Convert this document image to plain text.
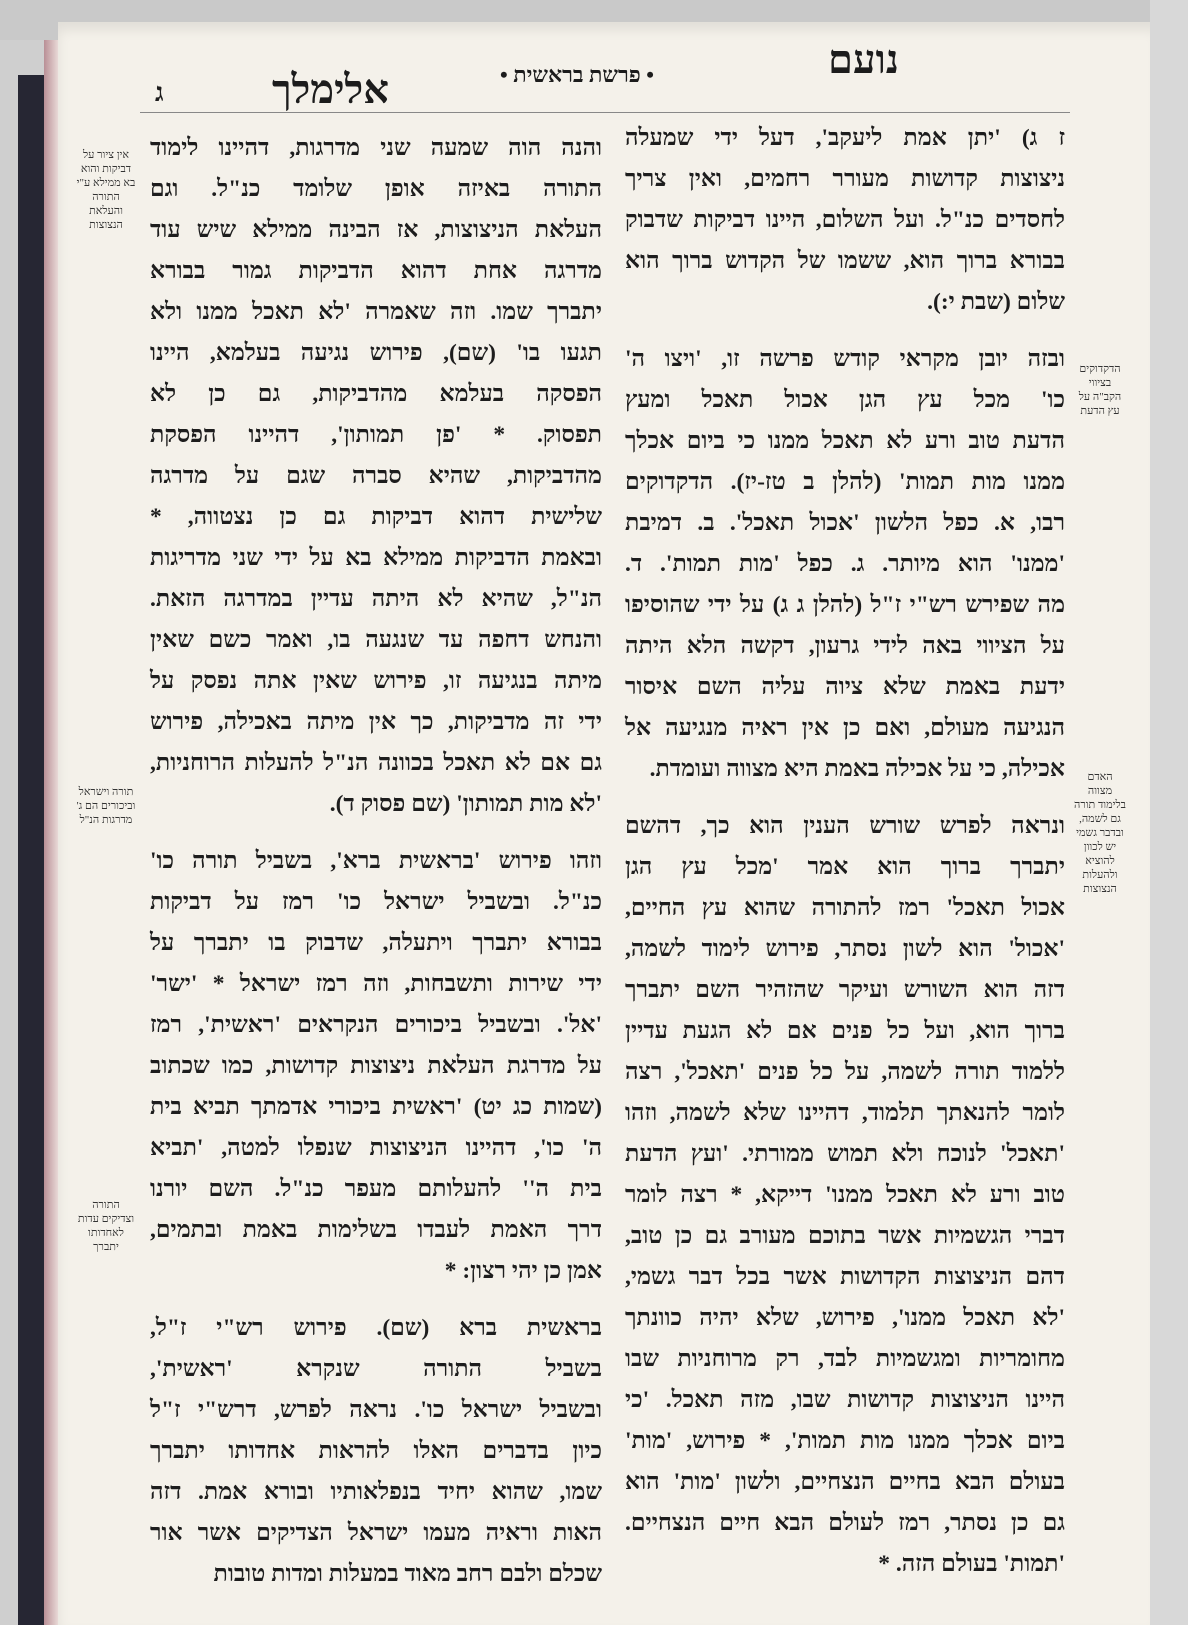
נועם
• פרשת בראשית •
אלימלך
ג
ז ג) 'יתן אמת ליעקב', דעל ידי שמעלה
ניצוצות קדושות מעורר רחמים, ואין צריך
לחסדים כנ"ל. ועל השלום, היינו דביקות שדבוק
בבורא ברוך הוא, ששמו של הקדוש ברוך הוא
שלום (שבת י:).
ובזה יובן מקראי קודש פרשה זו, 'ויצו ה'
כו' מכל עץ הגן אכול תאכל ומעץ
הדעת טוב ורע לא תאכל ממנו כי ביום אכלך
ממנו מות תמות' (להלן ב טז-יז). הדקדוקים
רבו, א. כפל הלשון 'אכול תאכל'. ב. דמיבת
'ממנו' הוא מיותר. ג. כפל 'מות תמות'. ד.
מה שפירש רש"י ז"ל (להלן ג ג) על ידי שהוסיפו
על הציווי באה לידי גרעון, דקשה הלא היתה
ידעת באמת שלא ציוה עליה השם איסור
הנגיעה מעולם, ואם כן אין ראיה מנגיעה אל
אכילה, כי על אכילה באמת היא מצווה ועומדת.
ונראה לפרש שורש הענין הוא כך, דהשם
יתברך ברוך הוא אמר 'מכל עץ הגן
אכול תאכל' רמז להתורה שהוא עץ החיים,
'אכול' הוא לשון נסתר, פירוש לימוד לשמה,
דזה הוא השורש ועיקר שהזהיר השם יתברך
ברוך הוא, ועל כל פנים אם לא הגעת עדיין
ללמוד תורה לשמה, על כל פנים 'תאכל', רצה
לומר להנאתך תלמוד, דהיינו שלא לשמה, וזהו
'תאכל' לנוכח ולא תמוש ממורתי. 'ועץ הדעת
טוב ורע לא תאכל ממנו' דייקא, * רצה לומר
דברי הגשמיות אשר בתוכם מעורב גם כן טוב,
דהם הניצוצות הקדושות אשר בכל דבר גשמי,
'לא תאכל ממנו', פירוש, שלא יהיה כוונתך
מחומריות ומגשמיות לבד, רק מרוחניות שבו
היינו הניצוצות קדושות שבו, מזה תאכל. 'כי
ביום אכלך ממנו מות תמות', * פירוש, 'מות'
בעולם הבא בחיים הנצחיים, ולשון 'מות' הוא
גם כן נסתר, רמז לעולם הבא חיים הנצחיים.
'תמות' בעולם הזה. *
והנה הוה שמעה שני מדרגות, דהיינו לימוד
התורה באיזה אופן שלומד כנ"ל. וגם
העלאת הניצוצות, אז הבינה ממילא שיש עוד
מדרגה אחת דהוא הדביקות גמור בבורא
יתברך שמו. וזה שאמרה 'לא תאכל ממנו ולא
תגעו בו' (שם), פירוש נגיעה בעלמא, היינו
הפסקה בעלמא מהדביקות, גם כן לא
תפסוק. * 'פן תמותון', דהיינו הפסקת
מהדביקות, שהיא סברה שגם על מדרגה
שלישית דהוא דביקות גם כן נצטווה, *
ובאמת הדביקות ממילא בא על ידי שני מדריגות
הנ"ל, שהיא לא היתה עדיין במדרגה הזאת.
והנחש דחפה עד שנגעה בו, ואמר כשם שאין
מיתה בנגיעה זו, פירוש שאין אתה נפסק על
ידי זה מדביקות, כך אין מיתה באכילה, פירוש
גם אם לא תאכל בכוונה הנ"ל להעלות הרוחניות,
'לא מות תמותון' (שם פסוק ד).
וזהו פירוש 'בראשית ברא', בשביל תורה כו'
כנ"ל. ובשביל ישראל כו' רמז על דביקות
בבורא יתברך ויתעלה, שדבוק בו יתברך על
ידי שירות ותשבחות, וזה רמז ישראל * 'ישר'
'אל'. ובשביל ביכורים הנקראים 'ראשית', רמז
על מדרגת העלאת ניצוצות קדושות, כמו שכתוב
(שמות כג יט) 'ראשית ביכורי אדמתך תביא בית
ה' כו', דהיינו הניצוצות שנפלו למטה, 'תביא
בית ה'' להעלותם מעפר כנ"ל. השם יורנו
דרך האמת לעבדו בשלימות באמת ובתמים,
אמן כן יהי רצון: *
בראשית ברא (שם). פירוש רש"י ז"ל,
בשביל התורה שנקרא 'ראשית',
ובשביל ישראל כו'. נראה לפרש, דרש"י ז"ל
כיון בדברים האלו להראות אחדותו יתברך
שמו, שהוא יחיד בנפלאותיו ובורא אמת. דזה
האות וראיה מעמו ישראל הצדיקים אשר אור
שכלם ולבם רחב מאוד במעלות ומדות טובות
הדקדוקים בציווי הקב"ה על עץ הדעת
האדם מצווה בלימוד תורה גם לשמה, ובדבר גשמי יש לכוון להוציא ולהעלות הנצוצות
אין ציור על דביקות והוא בא ממילא ע"י התורה והעלאת הנצוצות
תורה וישראל וביכורים הם ג' מדרגות הנ"ל
התורה וצדיקים עדות לאחדותו יתברך
